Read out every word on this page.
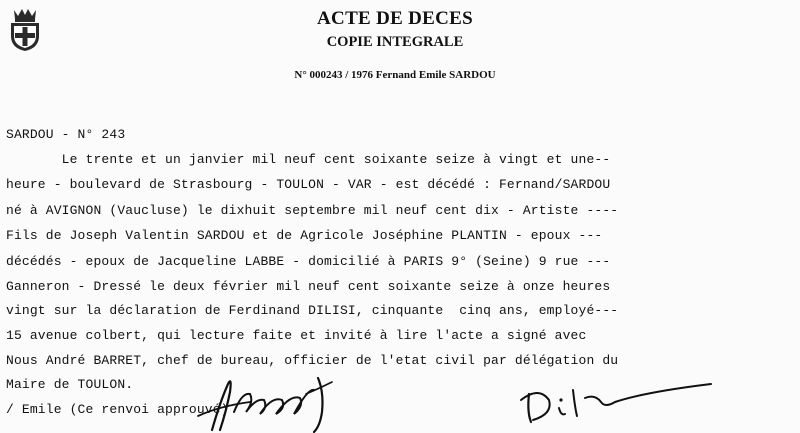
ACTE DE DECES
COPIE INTEGRALE
N° 000243 / 1976 Fernand Emile SARDOU
SARDOU - N° 243
Le trente et un janvier mil neuf cent soixante seize à vingt et une--
heure - boulevard de Strasbourg - TOULON - VAR - est décédé : Fernand/SARDOU
né à AVIGNON (Vaucluse) le dixhuit septembre mil neuf cent dix - Artiste ----
Fils de Joseph Valentin SARDOU et de Agricole Joséphine PLANTIN - epoux ---
décédés - epoux de Jacqueline LABBE - domicilié à PARIS 9° (Seine) 9 rue ---
Ganneron - Dressé le deux février mil neuf cent soixante seize à onze heures
vingt sur la déclaration de Ferdinand DILISI, cinquante  cinq ans, employé---
15 avenue colbert, qui lecture faite et invité à lire l'acte a signé avec
Nous André BARRET, chef de bureau, officier de l'etat civil par délégation du
Maire de TOULON.
/ Emile (Ce renvoi approuvé)
